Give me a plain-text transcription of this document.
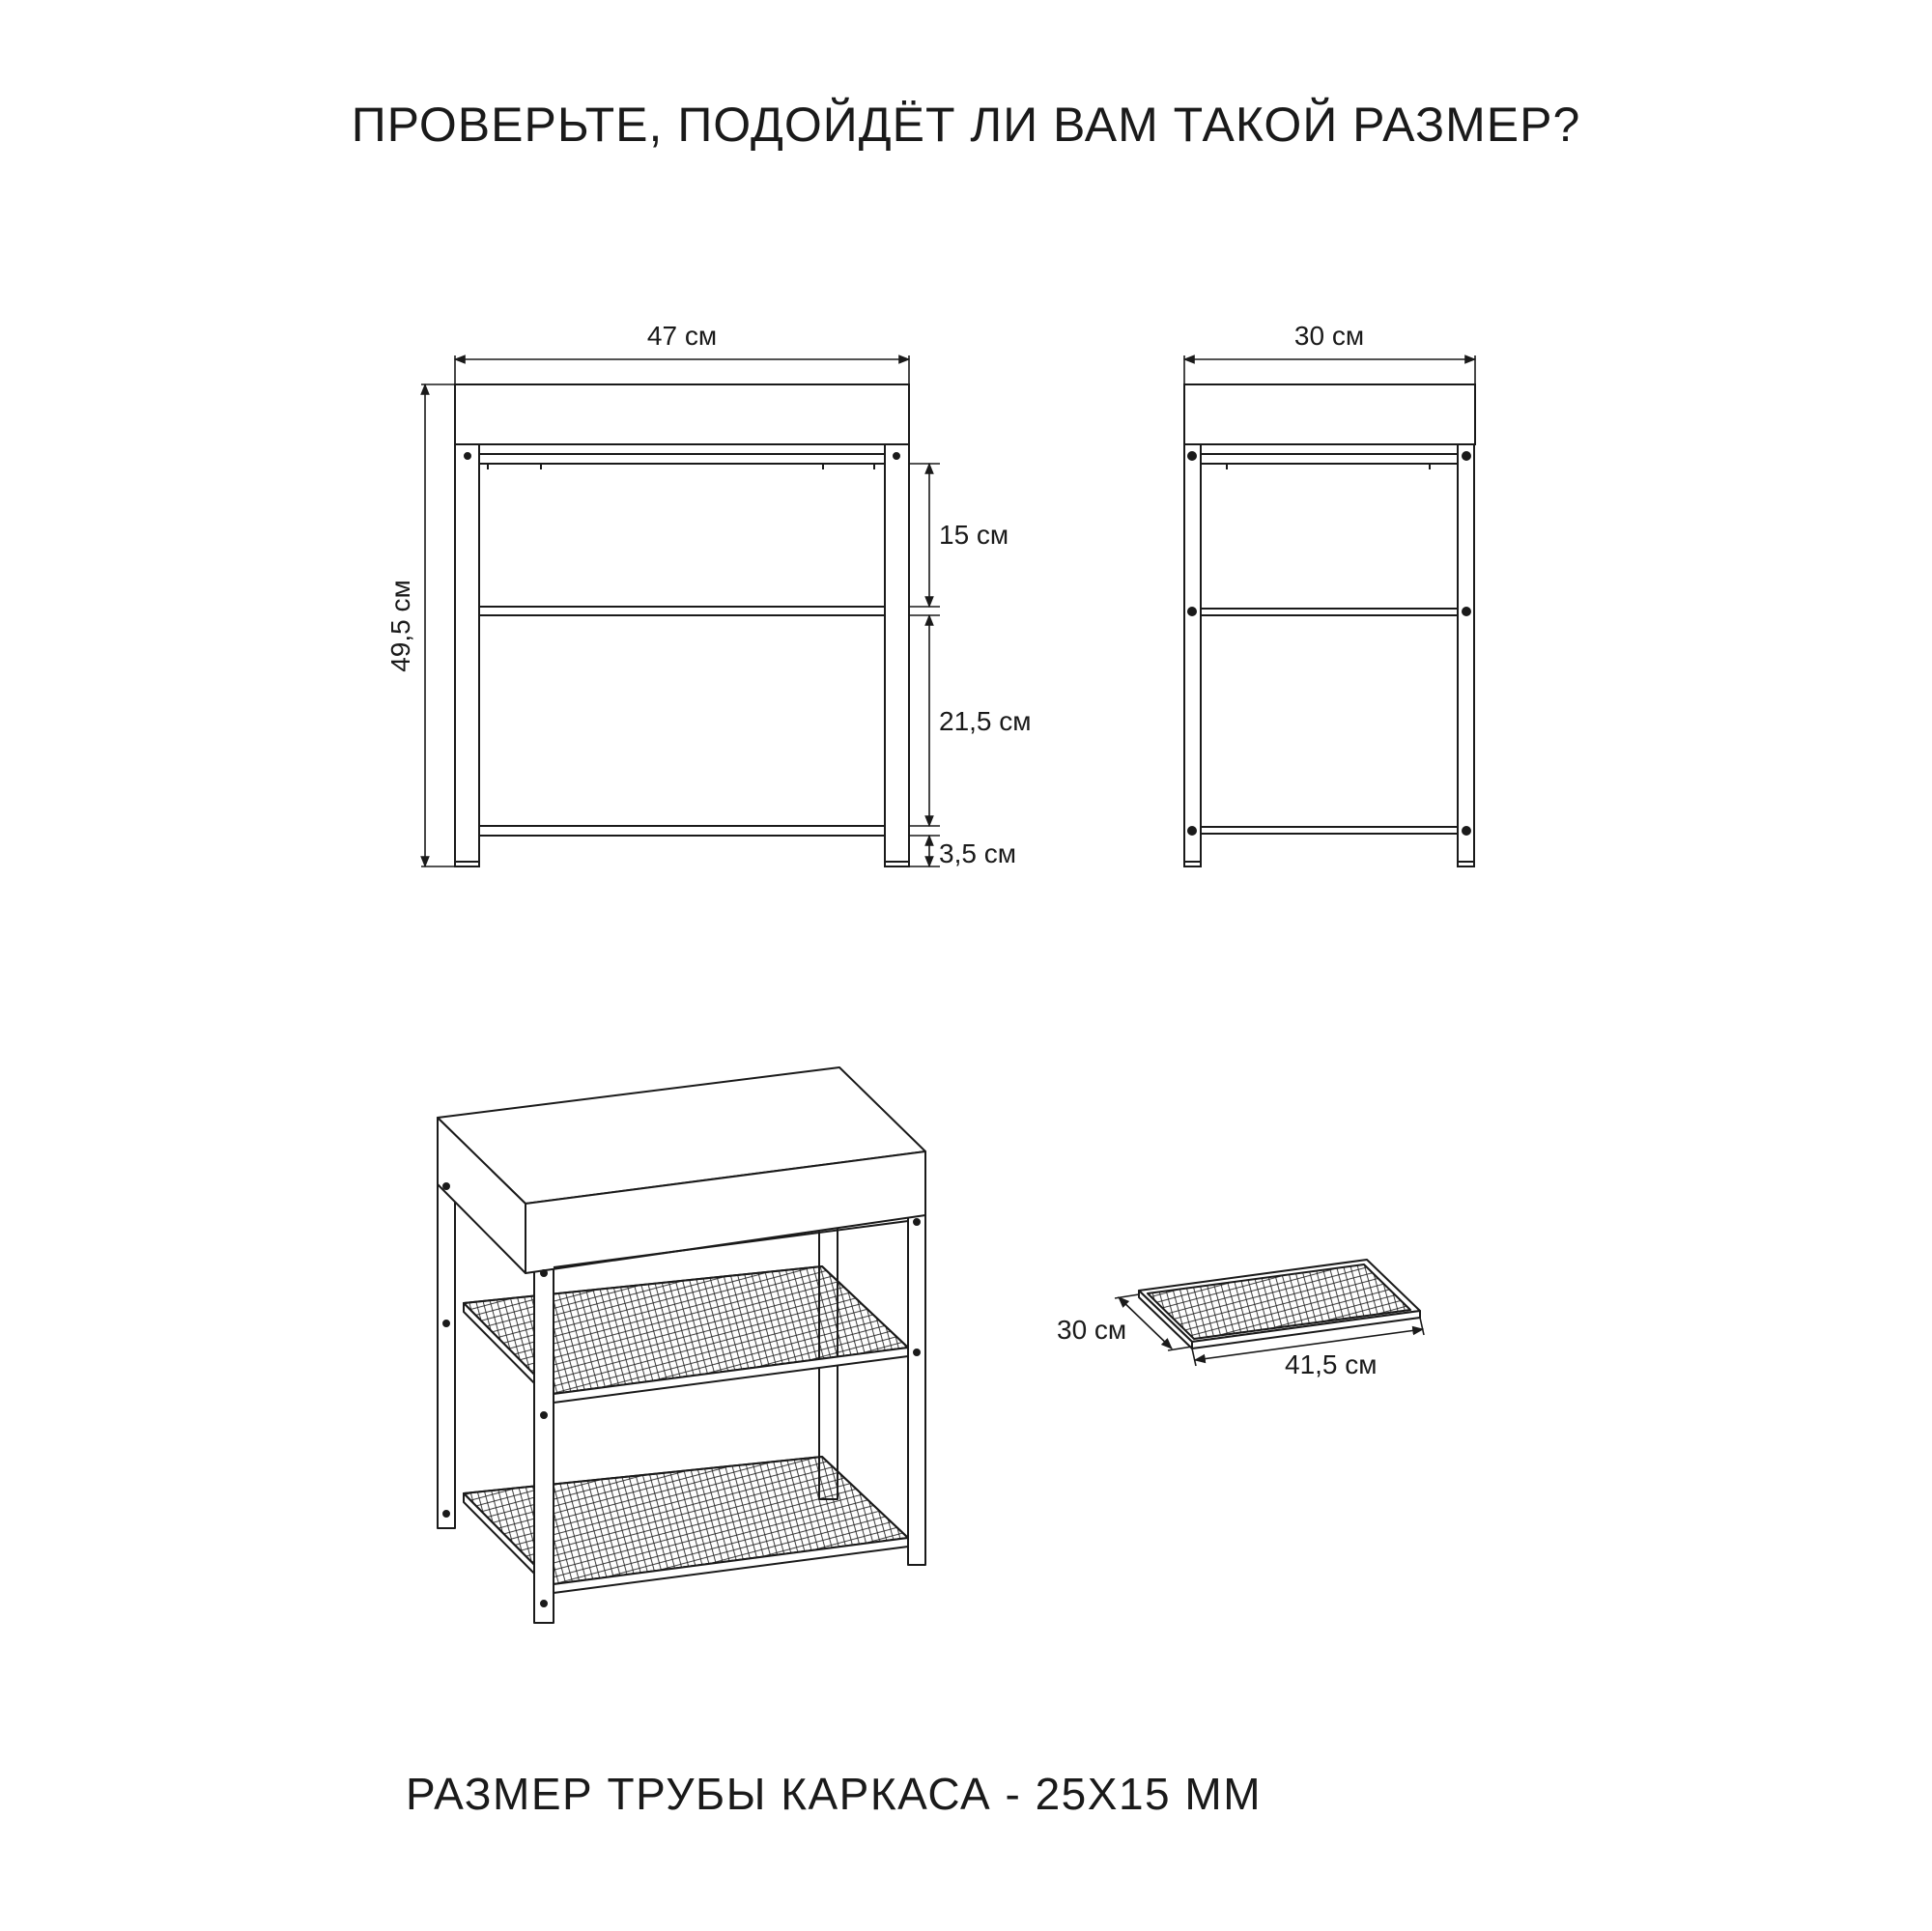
ПРОВЕРЬТЕ, ПОДОЙДЁТ ЛИ ВАМ ТАКОЙ РАЗМЕР?
47 см
49,5 см
15 см
21,5 см
3,5 см
30 см
30 см
41,5 см
РАЗМЕР ТРУБЫ КАРКАСА - 25X15 ММ
